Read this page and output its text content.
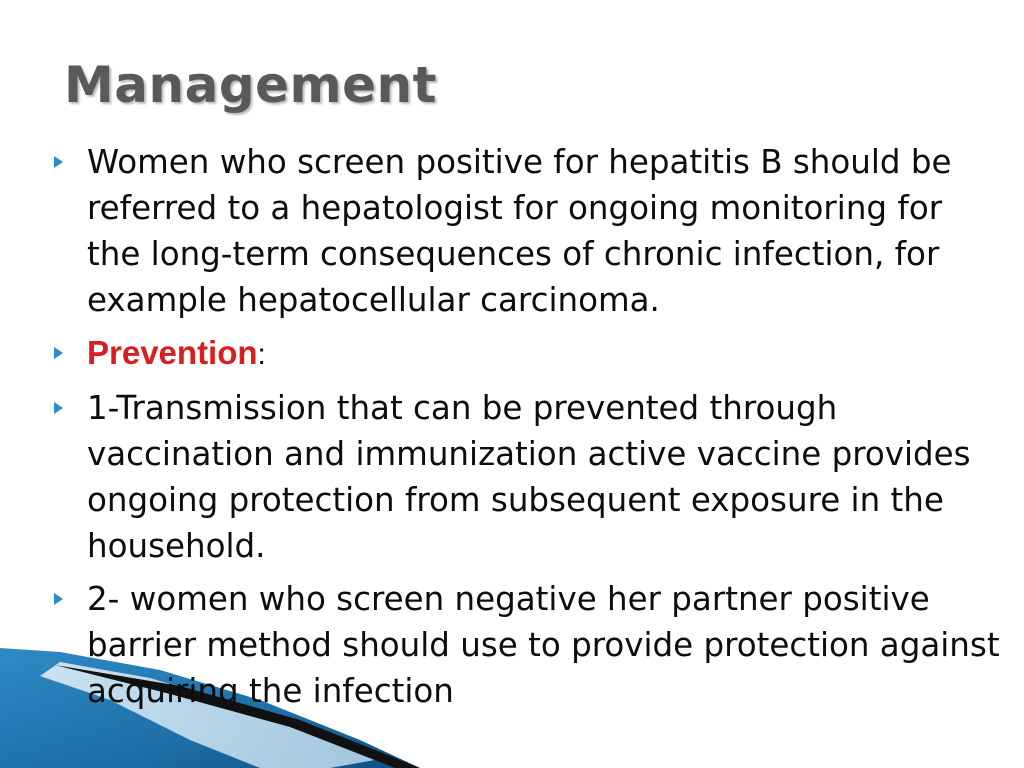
Management
Women who screen positive for hepatitis B should be referred to a hepatologist for ongoing monitoring for the long-term consequences of chronic infection, for example hepatocellular carcinoma.
Prevention:
1-Transmission that can be prevented through vaccination and immunization active vaccine provides ongoing protection from subsequent exposure in the household.
2- women who screen negative her partner positive barrier method should use to provide protection against acquiring the infection
